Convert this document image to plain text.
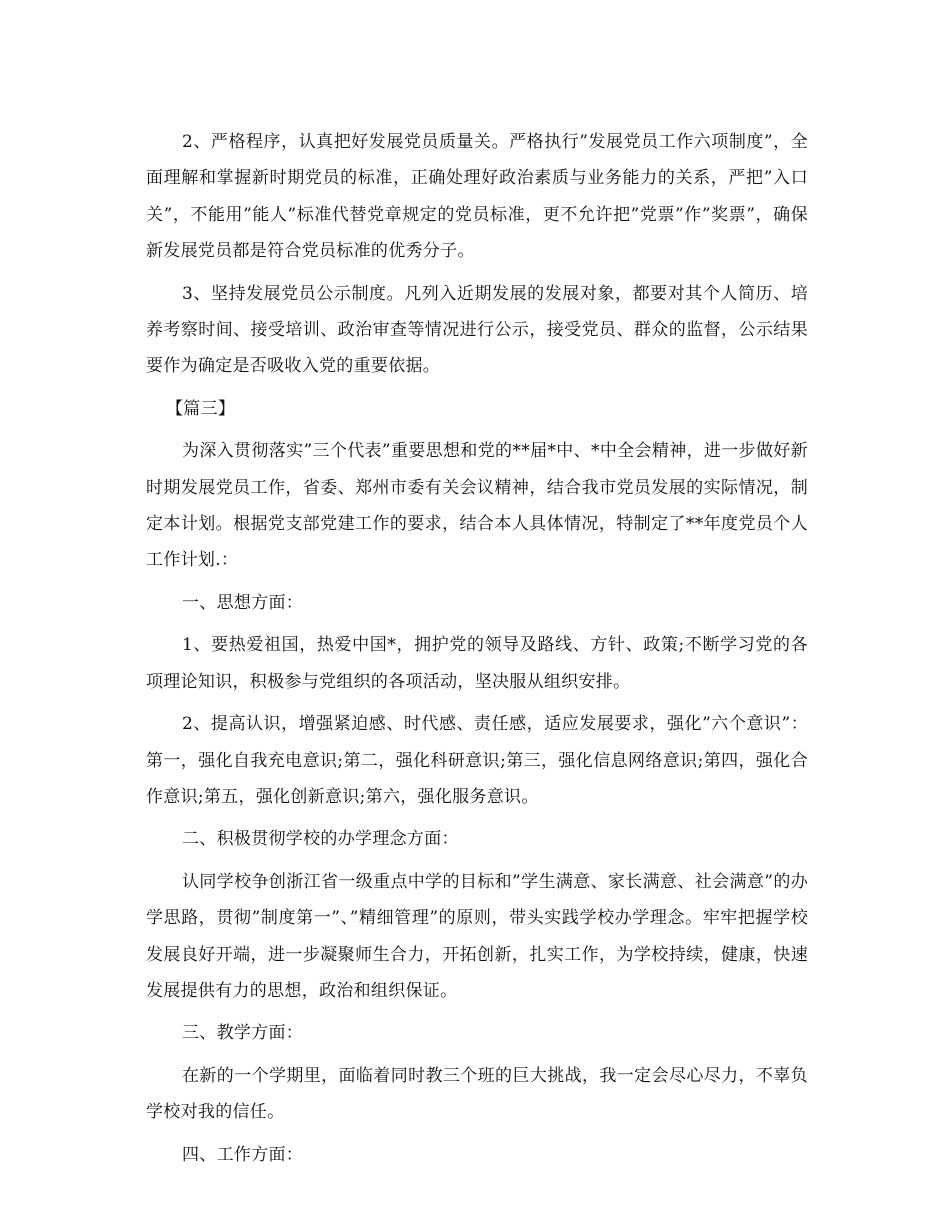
2、严格程序，认真把好发展党员质量关。严格执行”发展党员工作六项制度”，全面理解和掌握新时期党员的标准，正确处理好政治素质与业务能力的关系，严把”入口关”，不能用”能人”标准代替党章规定的党员标准，更不允许把”党票”作”奖票”，确保新发展党员都是符合党员标准的优秀分子。

3、坚持发展党员公示制度。凡列入近期发展的发展对象，都要对其个人简历、培养考察时间、接受培训、政治审查等情况进行公示，接受党员、群众的监督，公示结果要作为确定是否吸收入党的重要依据。

【篇三】

为深入贯彻落实”三个代表”重要思想和党的**届*中、*中全会精神，进一步做好新时期发展党员工作，省委、郑州市委有关会议精神，结合我市党员发展的实际情况，制定本计划。根据党支部党建工作的要求，结合本人具体情况，特制定了**年度党员个人工作计划.：

一、思想方面：

1、要热爱祖国，热爱中国*，拥护党的领导及路线、方针、政策;不断学习党的各项理论知识，积极参与党组织的各项活动，坚决服从组织安排。

2、提高认识，增强紧迫感、时代感、责任感，适应发展要求，强化”六个意识”：第一，强化自我充电意识;第二，强化科研意识;第三，强化信息网络意识;第四，强化合作意识;第五，强化创新意识;第六，强化服务意识。

二、积极贯彻学校的办学理念方面：

认同学校争创浙江省一级重点中学的目标和”学生满意、家长满意、社会满意”的办学思路，贯彻”制度第一”、”精细管理”的原则，带头实践学校办学理念。牢牢把握学校发展良好开端，进一步凝聚师生合力，开拓创新，扎实工作，为学校持续，健康，快速发展提供有力的思想，政治和组织保证。

三、教学方面：

在新的一个学期里，面临着同时教三个班的巨大挑战，我一定会尽心尽力，不辜负学校对我的信任。

四、工作方面：
